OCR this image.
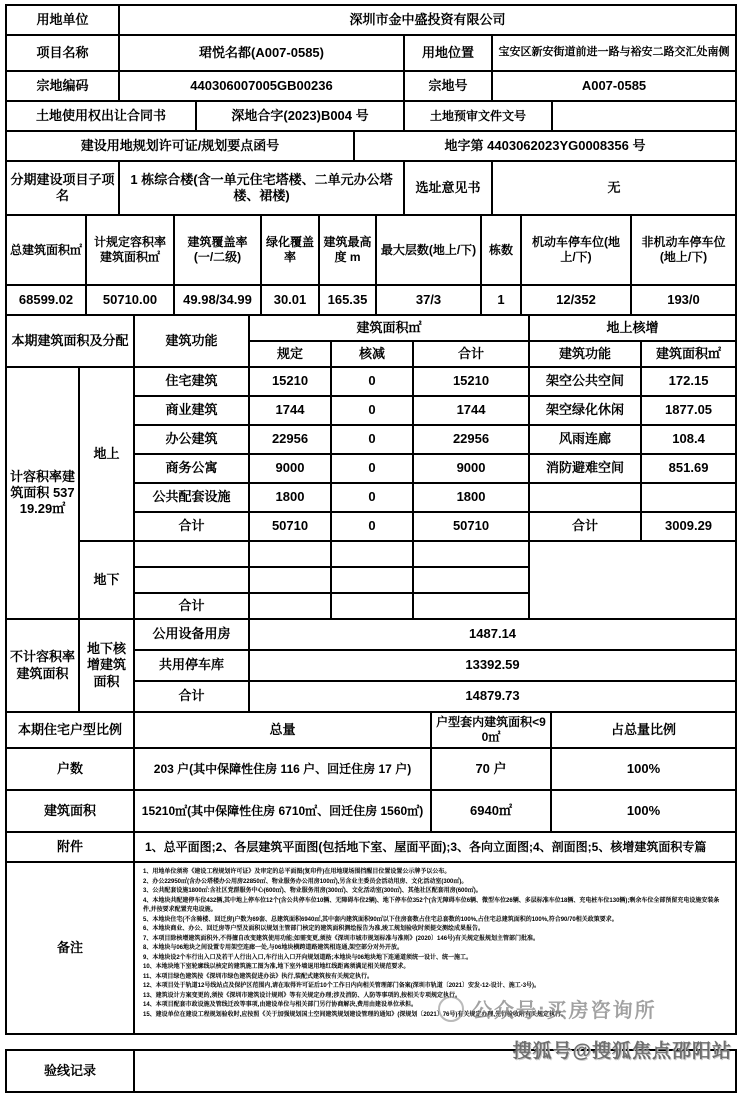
用地单位	深圳市金中盛投资有限公司
项目名称	珺悦名都(A007-0585)	用地位置	宝安区新安街道前进一路与裕安二路交汇处南侧
宗地编码	440306007005GB00236	宗地号	A007-0585
土地使用权出让合同书	深地合字(2023)B004 号	土地预审文件文号	
建设用地规划许可证/规划要点函号	地字第 4403062023YG0008356 号
分期建设项目子项名	1 栋综合楼(含一单元住宅塔楼、二单元办公塔楼、裙楼)	选址意见书	无
总建筑面积㎡	计规定容积率建筑面积㎡	建筑覆盖率(一/二级)	绿化覆盖率	建筑最高度 m	最大层数(地上/下)	栋数	机动车停车位(地上/下)	非机动车停车位(地上/下)
68599.02	50710.00	49.98/34.99	30.01	165.35	37/3	1	12/352	193/0
本期建筑面积及分配		建筑功能	建筑面积㎡			地上核增	
			规定	核减	合计	建筑功能	建筑面积㎡
计容积率建筑面积 53719.29㎡	地上	住宅建筑	15210	0	15210	架空公共空间	172.15
		商业建筑	1744	0	1744	架空绿化休闲	1877.05
		办公建筑	22956	0	22956	风雨连廊	108.4
		商务公寓	9000	0	9000	消防避难空间	851.69
		公共配套设施	1800	0	1800		
		合计	50710	0	50710	合计	3009.29
	地下						

		合计					
不计容积率建筑面积	地下核增建筑面积	公用设备用房	1487.14				
		共用停车库	13392.59				
		合计	14879.73				
本期住宅户型比例	总量	户型套内建筑面积<90㎡	占总量比例
户数	203 户(其中保障性住房 116 户、回迁住房 17 户)	70 户	100%
建筑面积	15210㎡(其中保障性住房 6710㎡、回迁住房 1560㎡)	6940㎡	100%
附件	1、总平面图;2、各层建筑平面图(包括地下室、屋面平面);3、各向立面图;4、剖面图;5、核增建筑面积专篇
备注	
1、用地单位须将《建设工程规划许可证》及审定的总平面图(复印件)在用地现场围挡醒目位置设置公示牌予以公布。
2、办公22950㎡(含办公塔楼办公用房22850㎡、物业服务办公用房100㎡),另含业主委员会活动用房、文化活动室(300㎡)。
3、公共配套设施1800㎡:含社区党群服务中心(600㎡)、物业服务用房(300㎡)、文化活动室(300㎡)、其他社区配套用房(600㎡)。
4、本地块共配建停车位432辆,其中地上停车位12个(含公共停车位10辆、无障碍车位2辆)、地下停车位352个(含无障碍车位6辆、微型车位26辆、多层标准车位18辆、充电桩车位130辆);剩余车位全部预留充电设施安装条件,并按要求配置充电设施。
5、本地块住宅(不含骑楼、回迁房)户数为69套、总建筑面积6940㎡,其中套内建筑面积90㎡以下住房套数占住宅总套数的100%,占住宅总建筑面积的100%,符合90/70相关政策要求。
6、本地块商业、办公、回迁房等户型及面积以规划主管部门核定的建筑面积测绘报告为准,竣工规划验收时须提交测绘成果报告。
7、本项目除核增建筑面积外,不得擅自改变建筑使用功能;如需变更,须按《深圳市城市规划标准与准则》(2020〕146号)有关规定报规划主管部门批准。
8、本地块与06地块之间设置专用架空连廊一处,与06地块横跨道路建筑相连通,架空部分对外开放。
9、本地块设2个车行出入口及若干人行出入口,车行出入口开向规划道路;本地块与06地块地下连通道须统一设计、统一施工。
10、本地块地下室轮廓线以核定的建筑施工图为准,地下室外墙退用地红线距离须满足相关规范要求。
11、本项目绿色建筑按《深圳市绿色建筑促进办法》执行,装配式建筑按有关规定执行。
12、本项目处于轨道12号线站点及保护区范围内,请在取得许可证后10个工作日内向相关管理部门备案(深圳市轨道〔2021〕安发-12-设计、施工-3号)。
13、建筑设计方案变更的,须按《深圳市建筑设计规则》等有关规定办理;涉及消防、人防等事项的,按相关专项规定执行。
14、本项目配套市政设施及管线迁改等事项,由建设单位与相关部门另行协商解决,费用由建设单位承担。
15、建设单位在建设工程规划验收时,应按照《关于加强规划国土空间建筑规划建设管理的通知》(深规划〔2021〕76号)有关规定办理,先行验收附有关规定执行。
验线记录	
公众号:买房咨询所
搜狐号@搜狐焦点邵阳站
